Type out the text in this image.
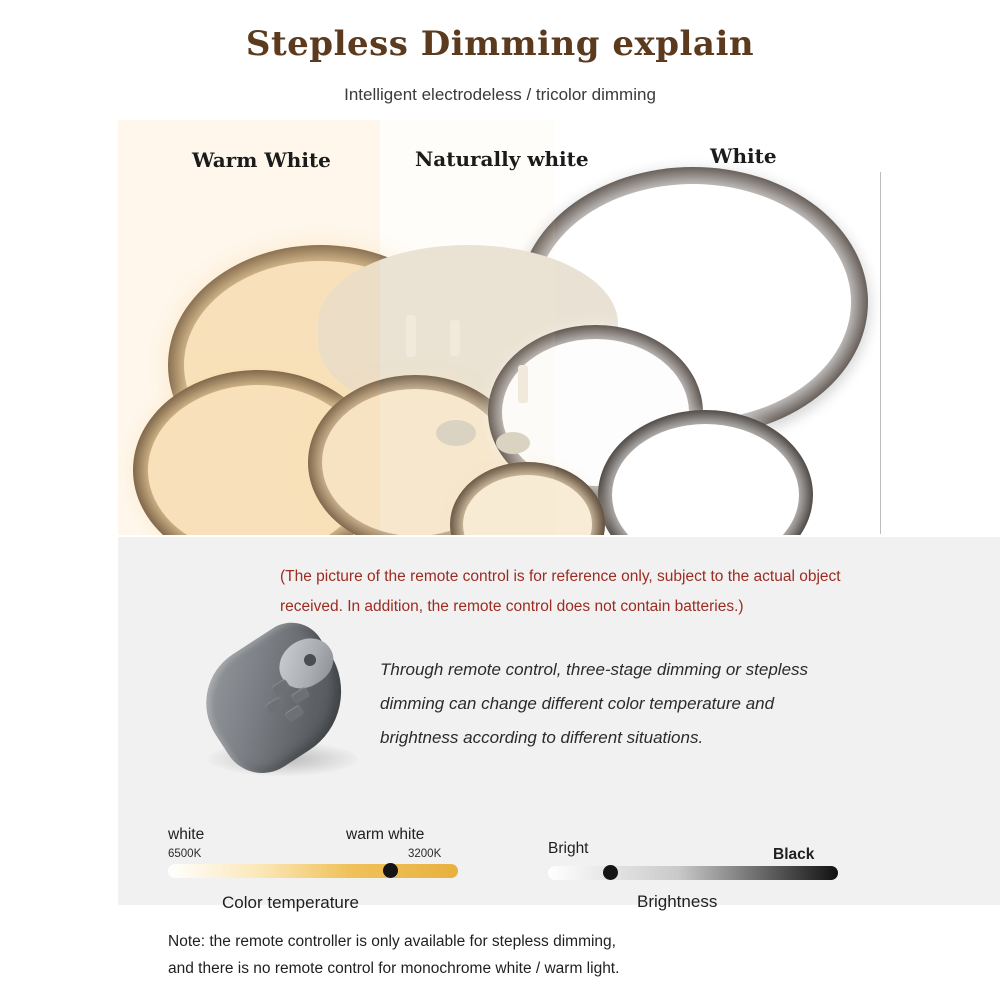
Stepless Dimming explain
Intelligent electrodeless / tricolor dimming
Warm White	Naturally white	White
(The picture of the remote control is for reference only, subject to the actual object received. In addition, the remote control does not contain batteries.)
Through remote control, three-stage dimming or stepless dimming can change different color temperature and brightness according to different situations.
white	warm white
6500K	3200K
Color temperature
Bright	Black
Brightness
Note: the remote controller is only available for stepless dimming,
and there is no remote control for monochrome white / warm light.
